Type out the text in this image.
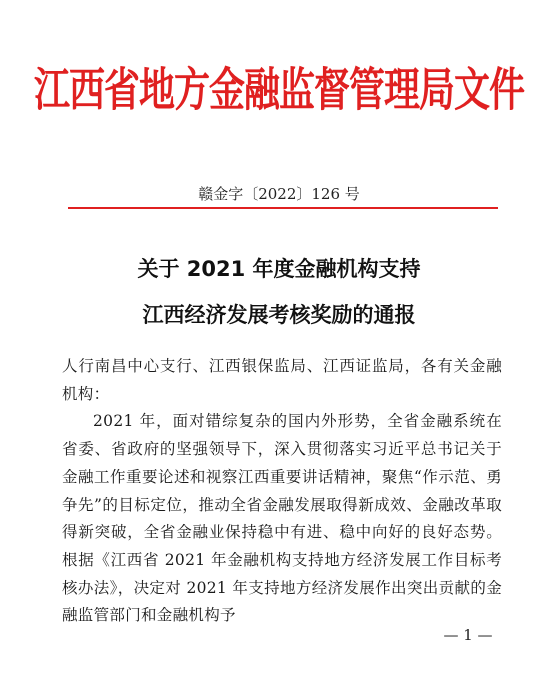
江西省地方金融监督管理局文件
赣金字〔2022〕126 号
关于 2021 年度金融机构支持
江西经济发展考核奖励的通报

人行南昌中心支行、江西银保监局、江西证监局，各有关金融机构：

2021 年，面对错综复杂的国内外形势，全省金融系统在省委、省政府的坚强领导下，深入贯彻落实习近平总书记关于金融工作重要论述和视察江西重要讲话精神，聚焦“作示范、勇争先”的目标定位，推动全省金融发展取得新成效、金融改革取得新突破，全省金融业保持稳中有进、稳中向好的良好态势。根据《江西省 2021 年金融机构支持地方经济发展工作目标考核办法》，决定对 2021 年支持地方经济发展作出突出贡献的金融监管部门和金融机构予

— 1 —
